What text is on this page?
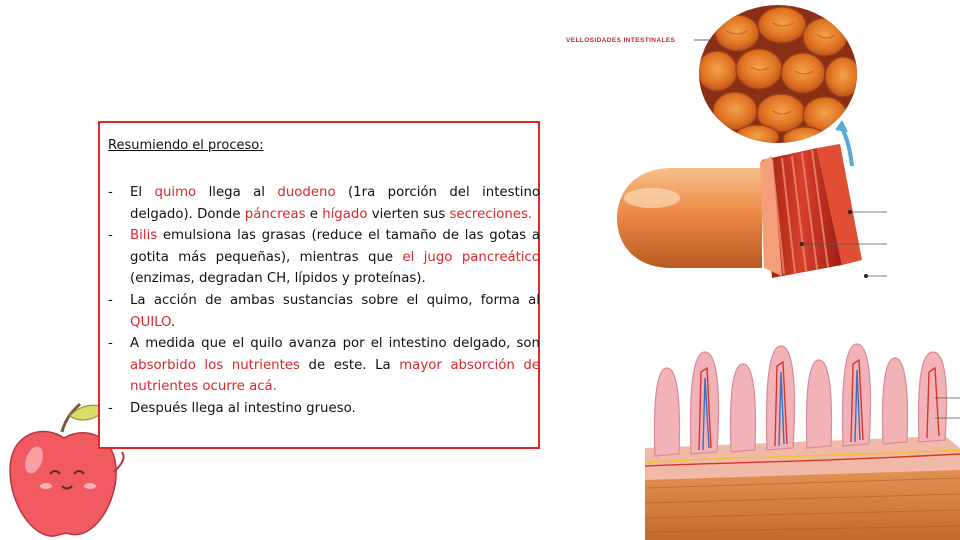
VELLOSIDADES INTESTINALES
Resumiendo el proceso:
- El quimo llega al duodeno (1ra porción del intestino delgado). Donde páncreas e hígado vierten sus secreciones.
- Bilis emulsiona las grasas (reduce el tamaño de las gotas a gotita más pequeñas), mientras que el jugo pancreático (enzimas, degradan CH, lípidos y proteínas).
- La acción de ambas sustancias sobre el quimo, forma al QUILO.
- A medida que el quilo avanza por el intestino delgado, son absorbido los nutrientes de este. La mayor absorción de nutrientes ocurre acá.
- Después llega al intestino grueso.
